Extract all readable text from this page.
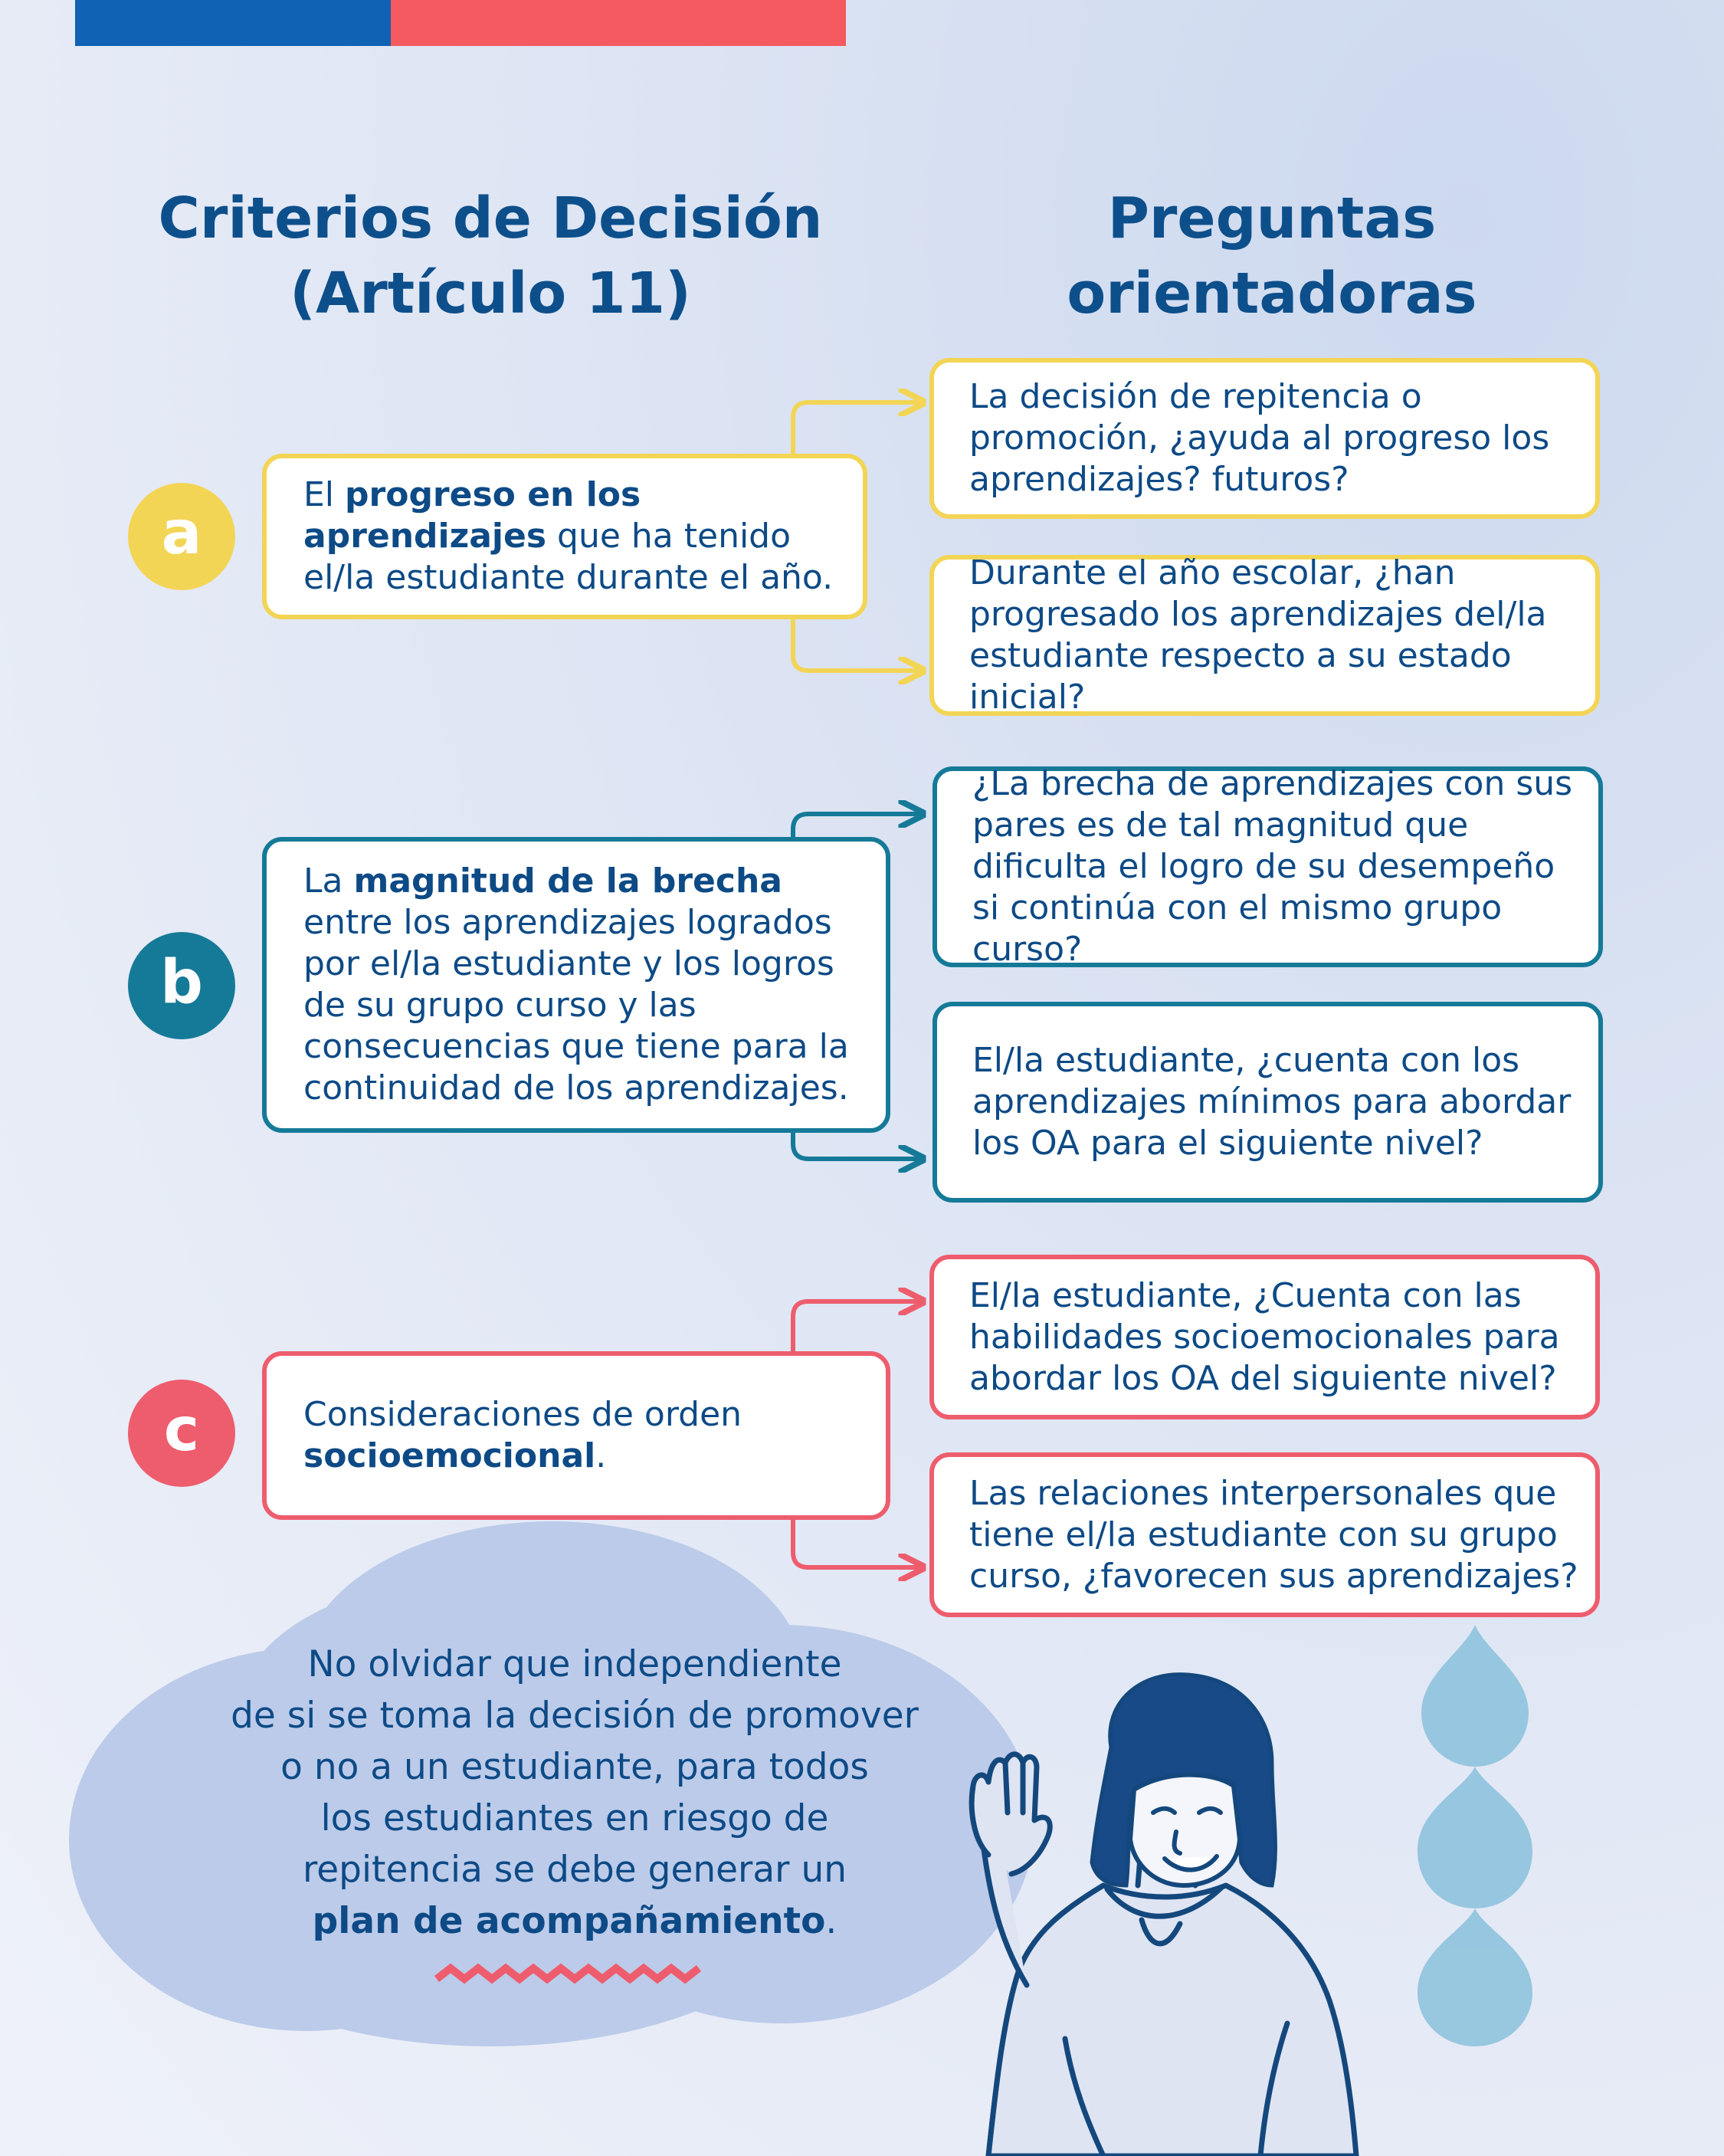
Criterios de Decisión
(Artículo 11)
Preguntas
orientadoras
a
El progreso en los aprendizajes que ha tenido el/la estudiante durante el año.
La decisión de repitencia o promoción, ¿ayuda al progreso los aprendizajes? futuros?
Durante el año escolar, ¿han progresado los aprendizajes del/la estudiante respecto a su estado inicial?
b
La magnitud de la brecha entre los aprendizajes logrados por el/la estudiante y los logros de su grupo curso y las consecuencias que tiene para la continuidad de los aprendizajes.
¿La brecha de aprendizajes con sus pares es de tal magnitud que dificulta el logro de su desempeño si continúa con el mismo grupo curso?
El/la estudiante, ¿cuenta con los aprendizajes mínimos para abordar los OA para el siguiente nivel?
c	Consideraciones de orden socioemocional.
El/la estudiante, ¿Cuenta con las habilidades socioemocionales para abordar los OA del siguiente nivel?
Las relaciones interpersonales que tiene el/la estudiante con su grupo curso, ¿favorecen sus aprendizajes?
No olvidar que independiente
de si se toma la decisión de promover
o no a un estudiante, para todos
los estudiantes en riesgo de
repitencia se debe generar un
plan de acompañamiento.
